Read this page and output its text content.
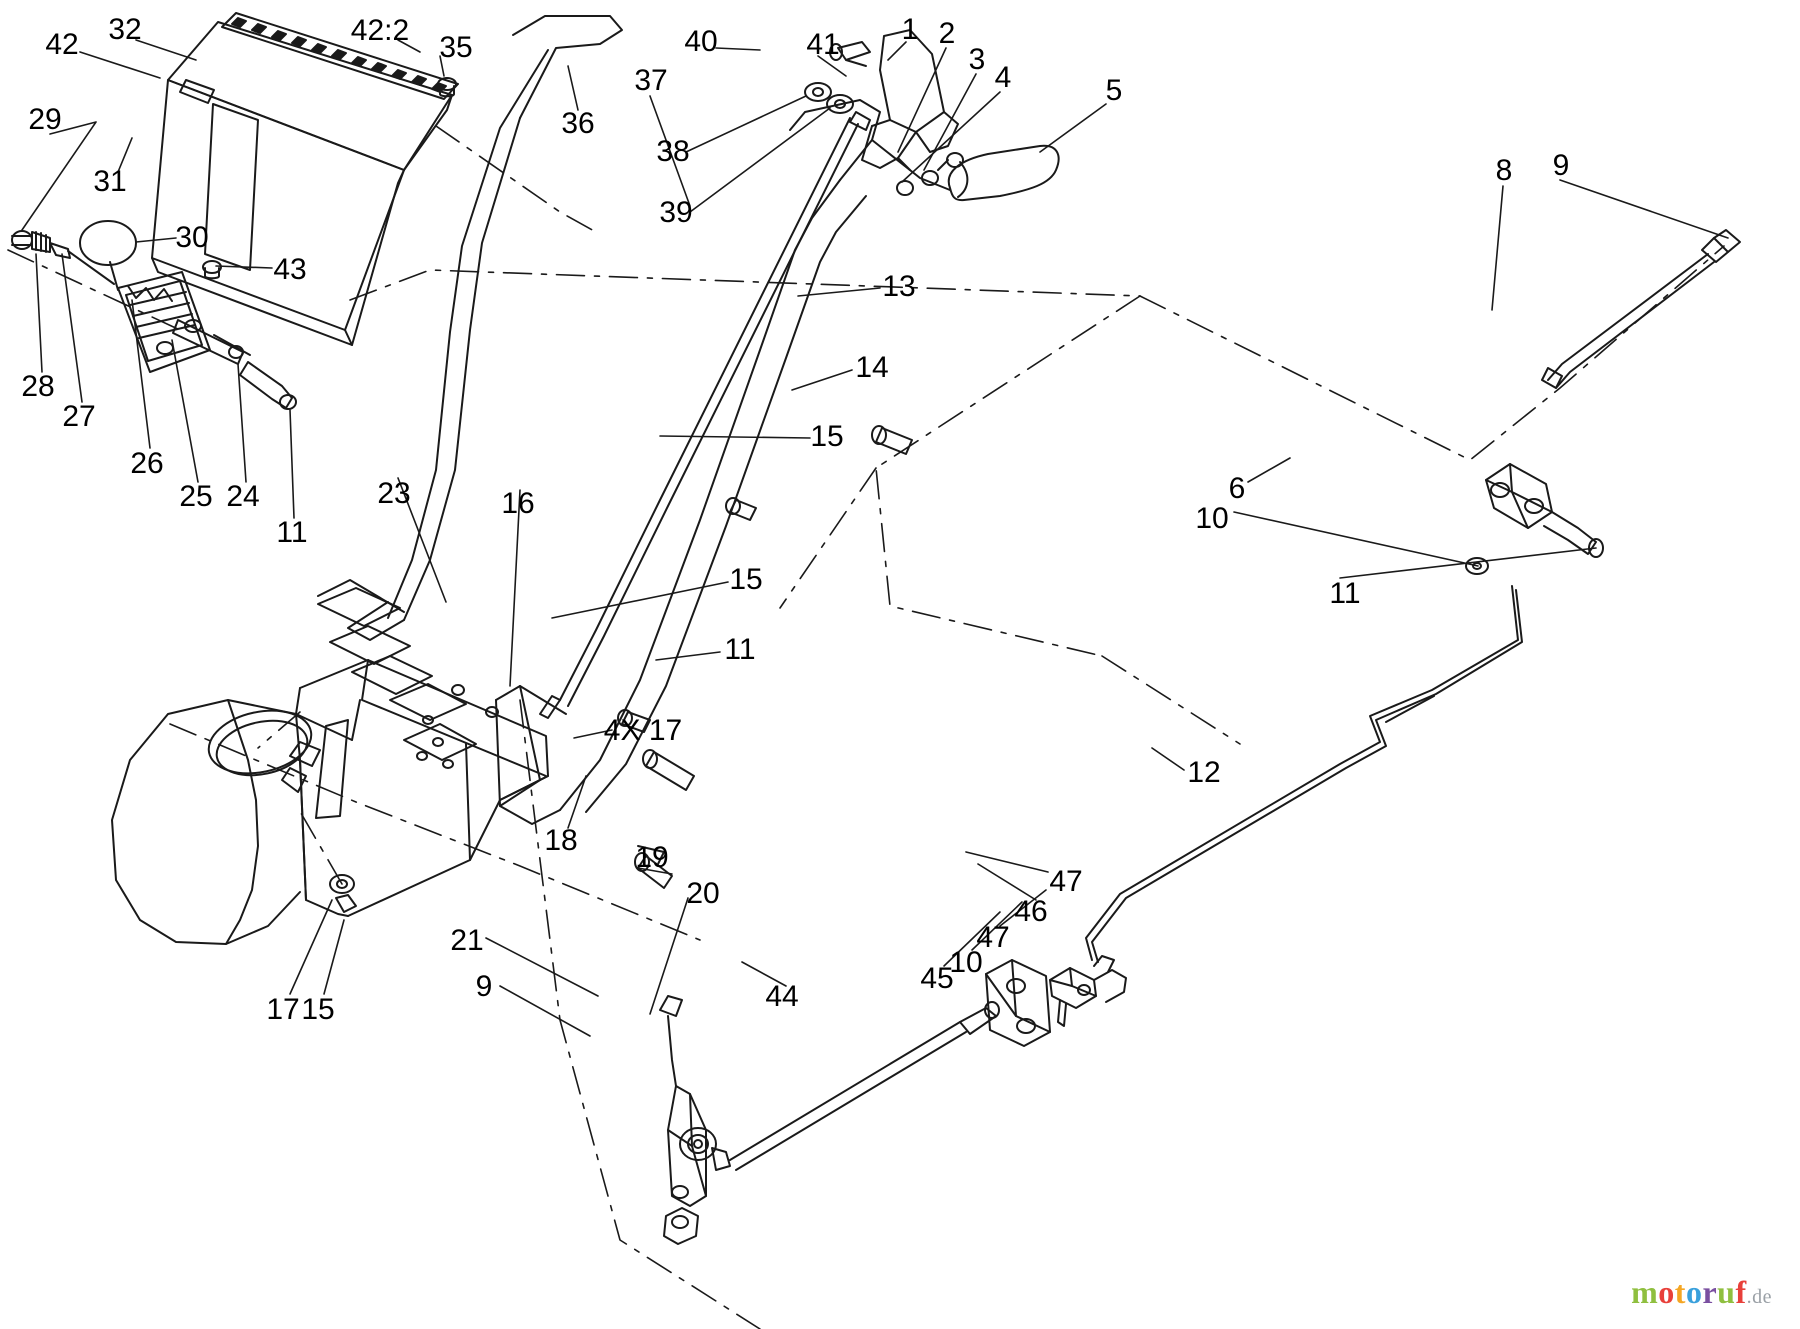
42 32	42:2
35
36
37
38
39
40	41 1 2
3
4	5
8 9
29
31
30
43
28
27
26
25 24
11
23	16
13
14
15
15
11
6
10
11
12
4X 17
18
19
20
21
9	44
45
10
47
46
47
17 15
motoruf.de
